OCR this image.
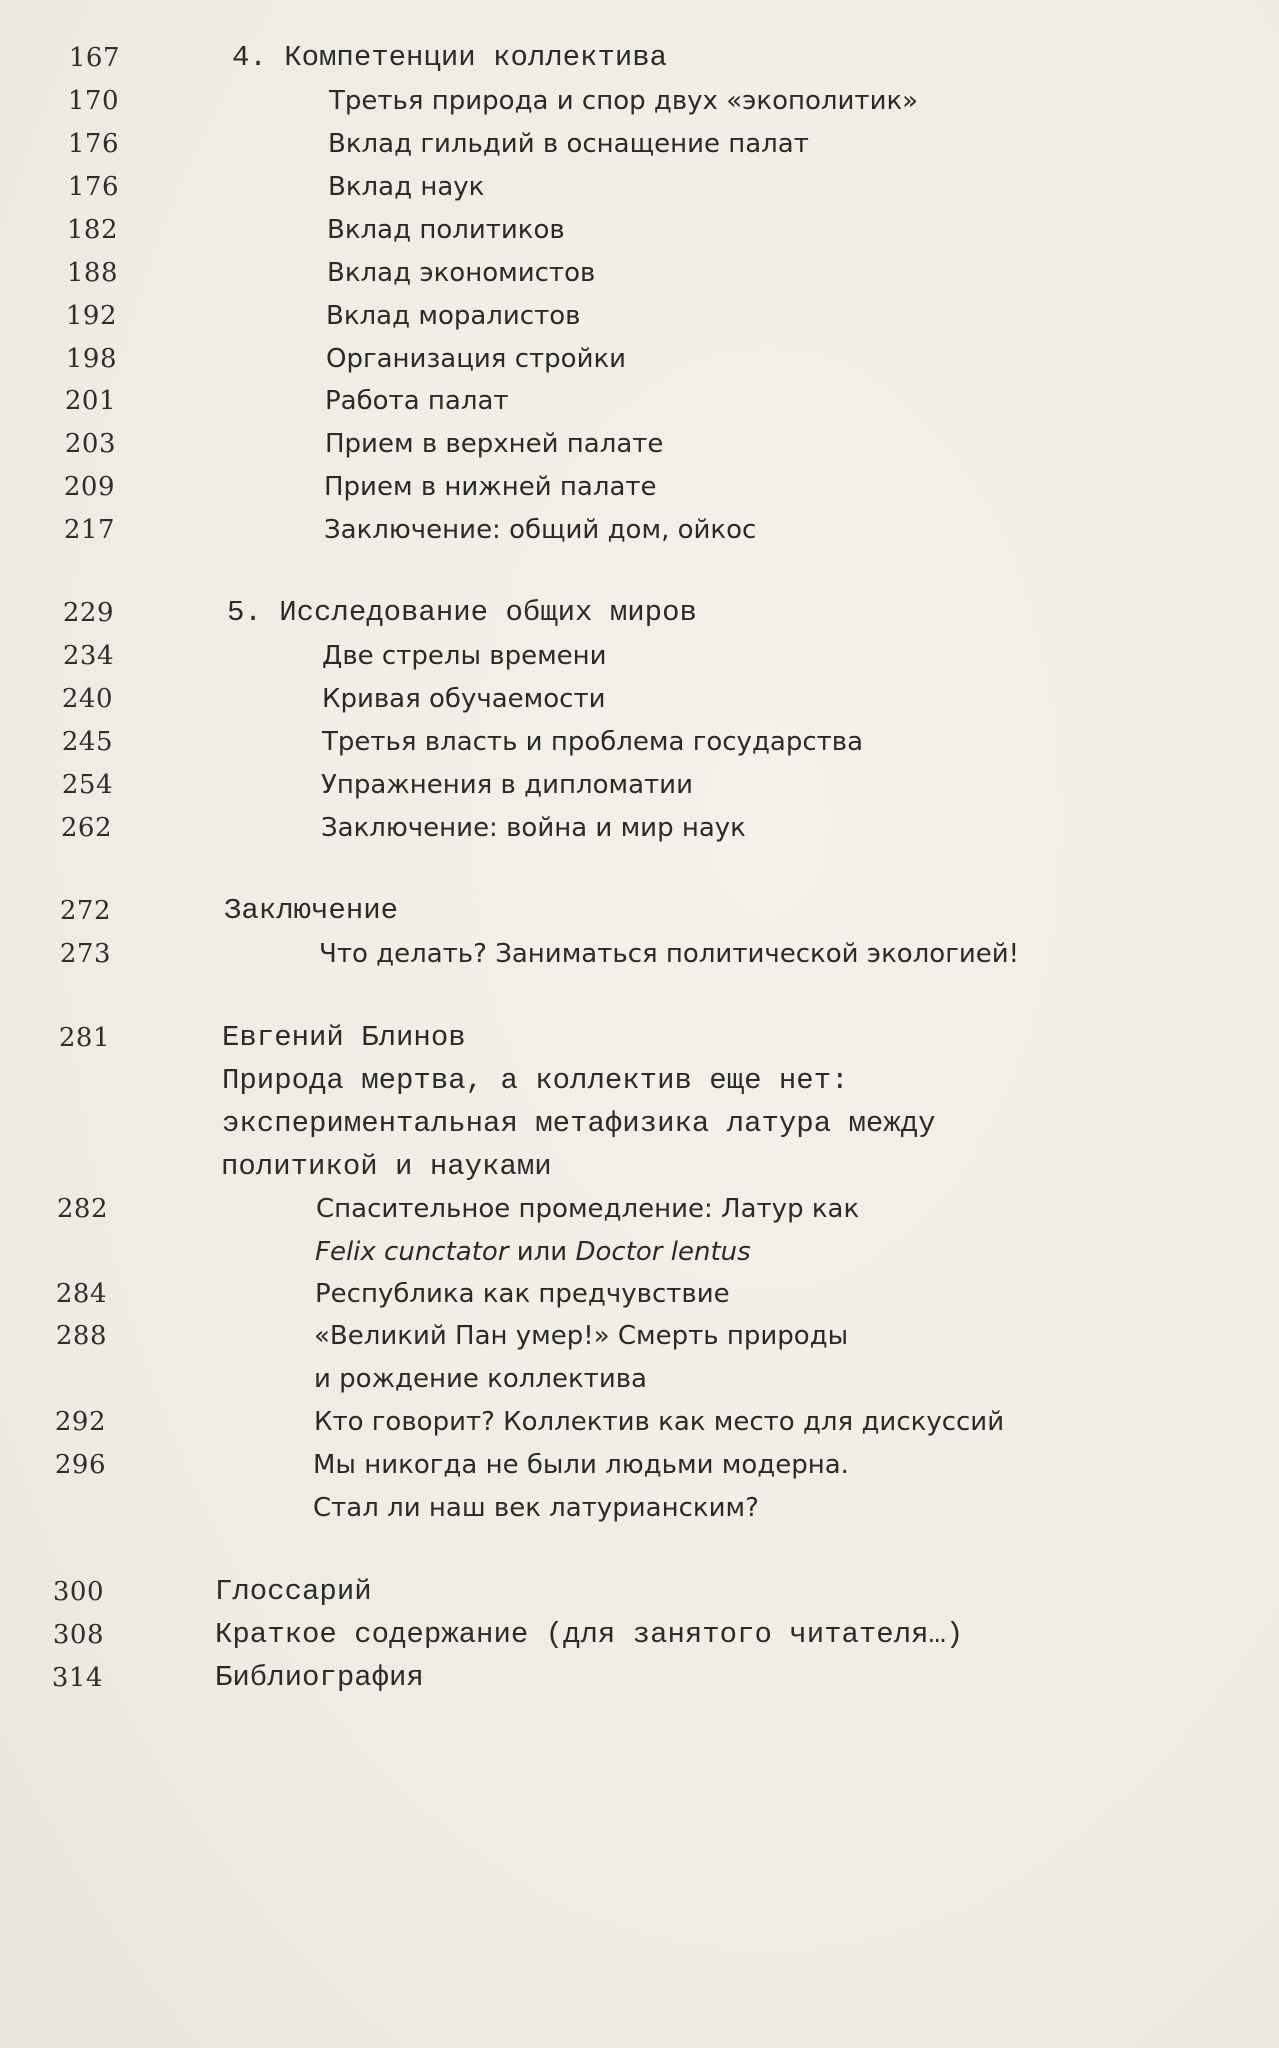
167	4. Компетенции коллектива
170	Третья природа и спор двух «экополитик»
176	Вклад гильдий в оснащение палат
176	Вклад наук
182	Вклад политиков
188	Вклад экономистов
192	Вклад моралистов
198	Организация стройки
201	Работа палат
203	Прием в верхней палате
209	Прием в нижней палате
217	Заключение: общий дом, ойкос
229	5. Исследование общих миров
234	Две стрелы времени
240	Кривая обучаемости
245	Третья власть и проблема государства
254	Упражнения в дипломатии
262	Заключение: война и мир наук
272	Заключение
273	Что делать? Заниматься политической экологией!
281	Евгений Блинов
Природа мертва, а коллектив еще нет:
экспериментальная метафизика латура между
политикой и науками
282	Спасительное промедление: Латур как
Felix cunctator или Doctor lentus
284	Республика как предчувствие
288	«Великий Пан умер!» Смерть природы
и рождение коллектива
292	Кто говорит? Коллектив как место для дискуссий
296	Мы никогда не были людьми модерна.
Стал ли наш век латурианским?
300	Глоссарий
308	Краткое содержание (для занятого читателя…)
314	Библиография
